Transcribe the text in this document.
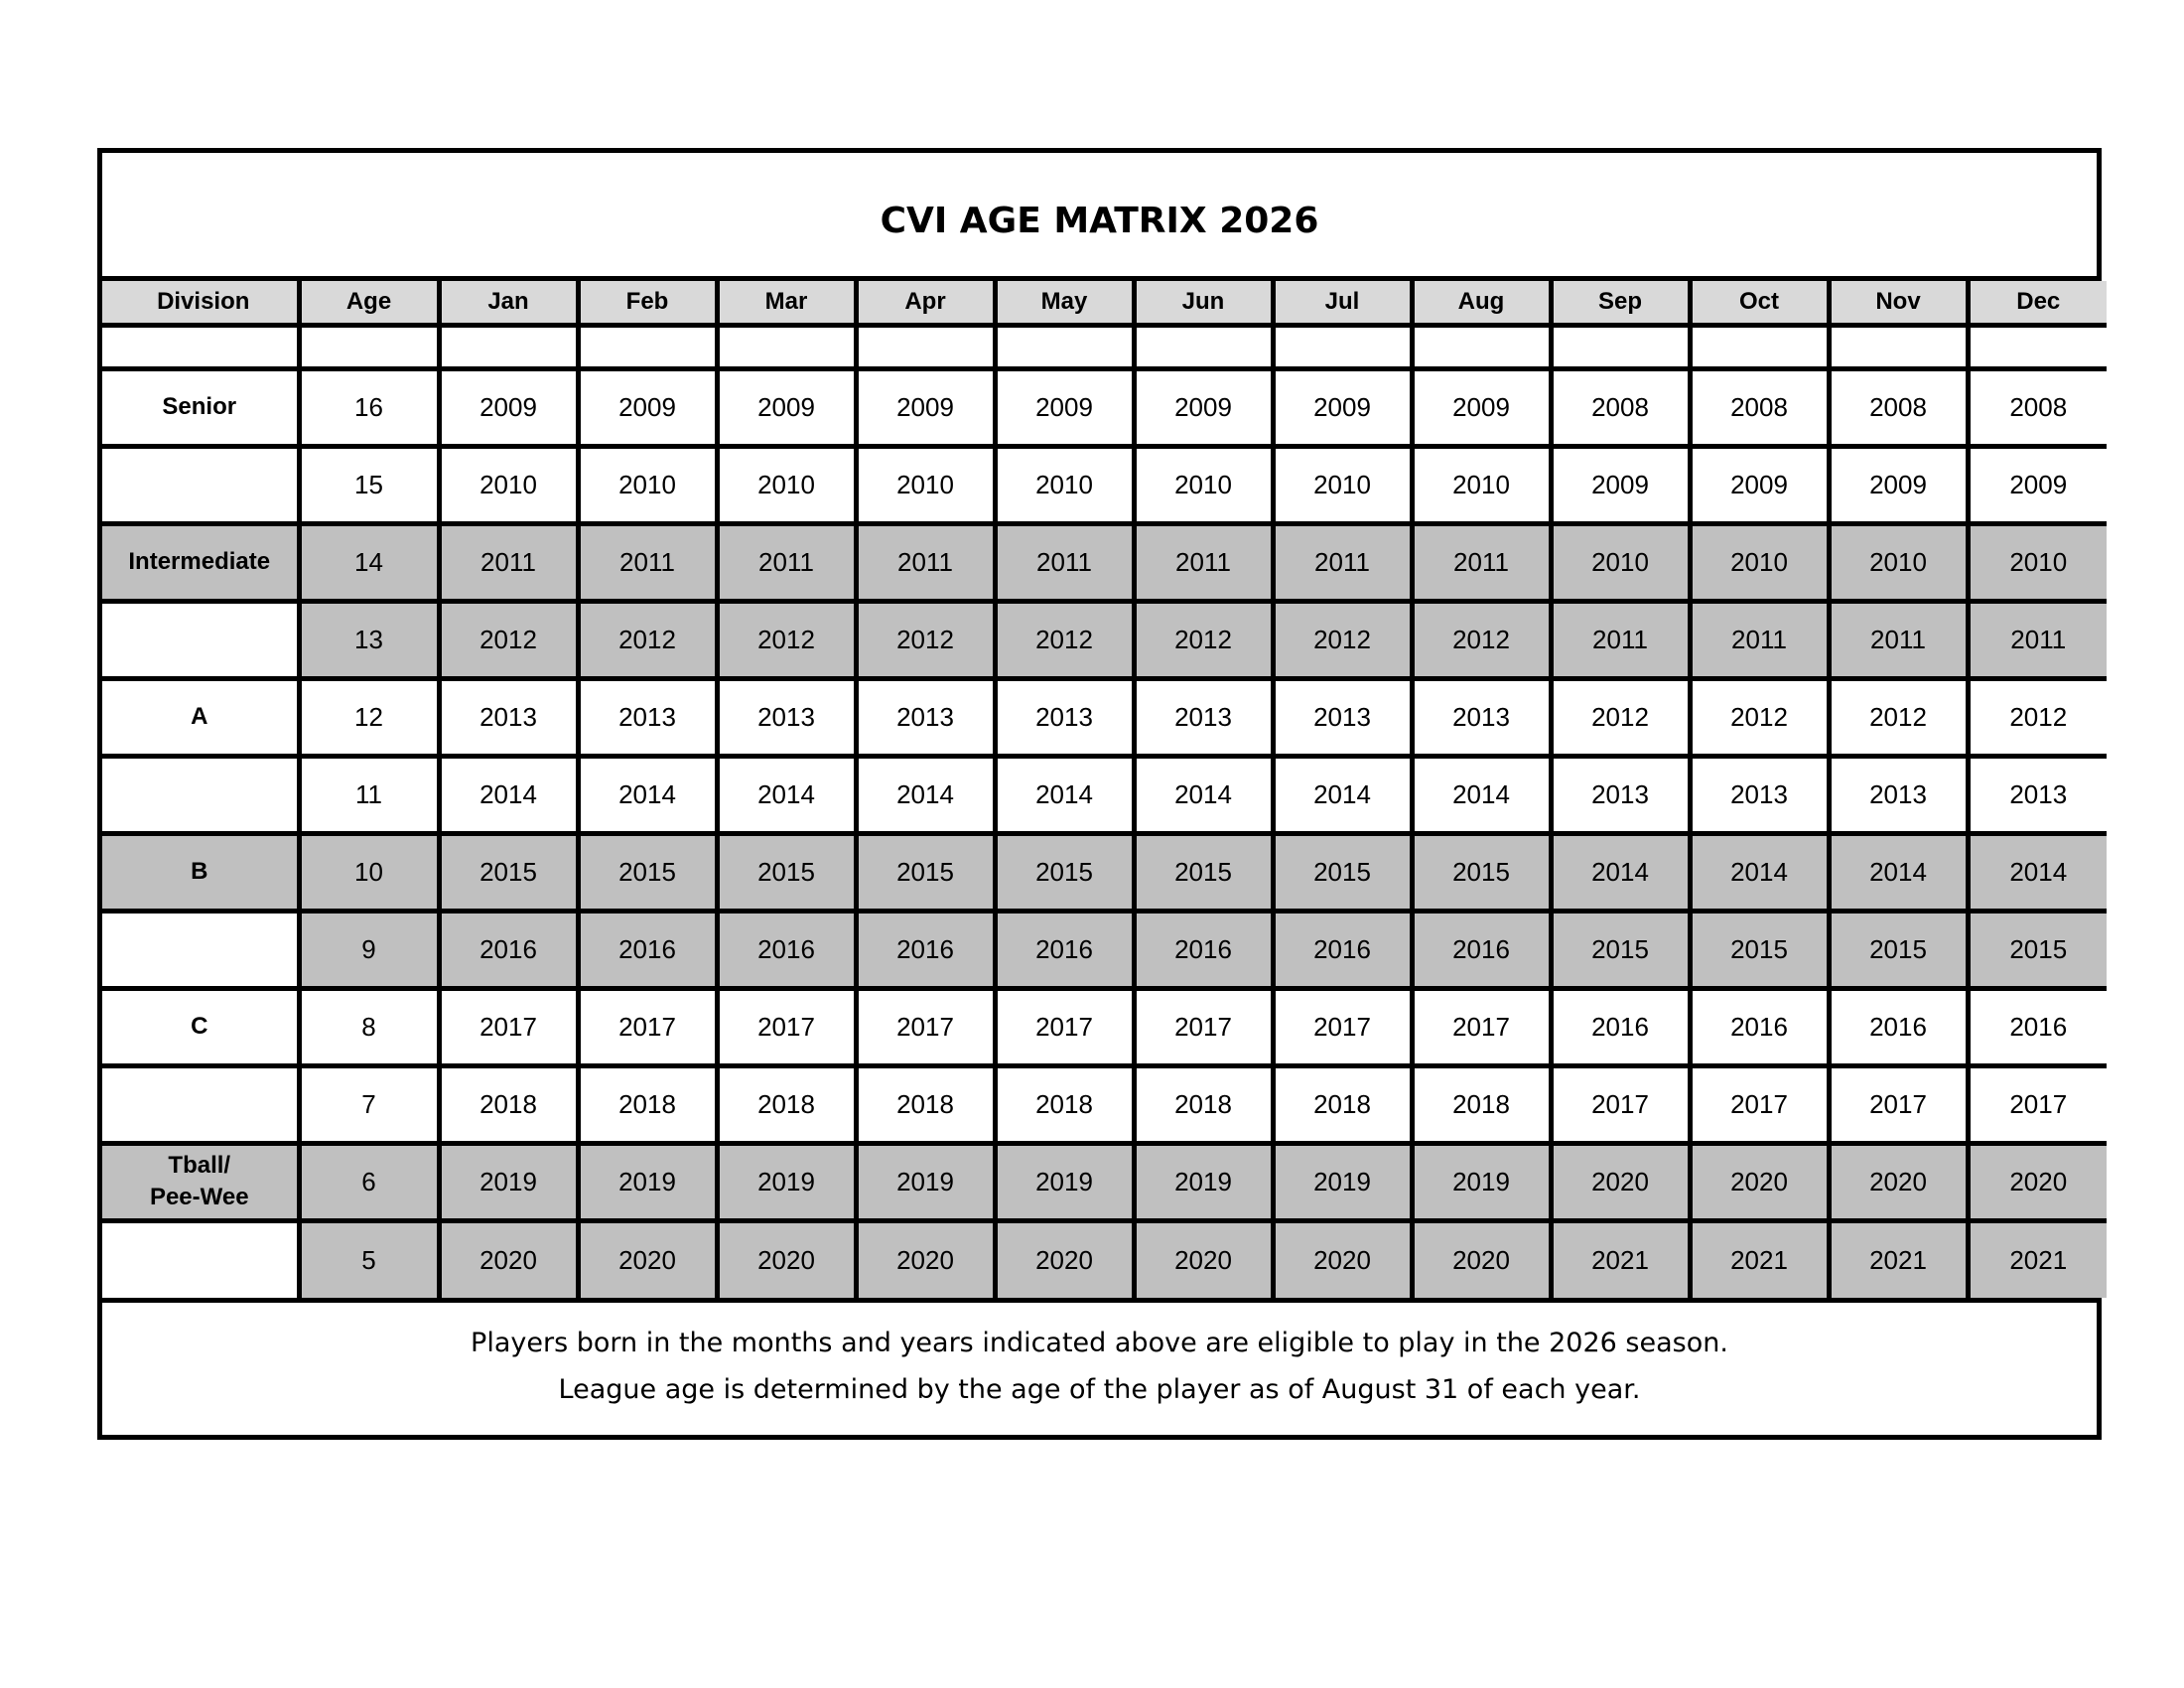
CVI AGE MATRIX 2026
Division	Age	Jan	Feb	Mar	Apr	May	Jun	Jul	Aug	Sep	Oct	Nov	Dec

Senior	16	2009	2009	2009	2009	2009	2009	2009	2009	2008	2008	2008	2008
	15	2010	2010	2010	2010	2010	2010	2010	2010	2009	2009	2009	2009
Intermediate	14	2011	2011	2011	2011	2011	2011	2011	2011	2010	2010	2010	2010
	13	2012	2012	2012	2012	2012	2012	2012	2012	2011	2011	2011	2011
A	12	2013	2013	2013	2013	2013	2013	2013	2013	2012	2012	2012	2012
	11	2014	2014	2014	2014	2014	2014	2014	2014	2013	2013	2013	2013
B	10	2015	2015	2015	2015	2015	2015	2015	2015	2014	2014	2014	2014
	9	2016	2016	2016	2016	2016	2016	2016	2016	2015	2015	2015	2015
C	8	2017	2017	2017	2017	2017	2017	2017	2017	2016	2016	2016	2016
	7	2018	2018	2018	2018	2018	2018	2018	2018	2017	2017	2017	2017

Tball/
Pee-Wee	6	2019	2019	2019	2019	2019	2019	2019	2019	2020	2020	2020	2020
	5	2020	2020	2020	2020	2020	2020	2020	2020	2021	2021	2021	2021
Players born in the months and years indicated above are eligible to play in the 2026 season.
League age is determined by the age of the player as of August 31 of each year.
